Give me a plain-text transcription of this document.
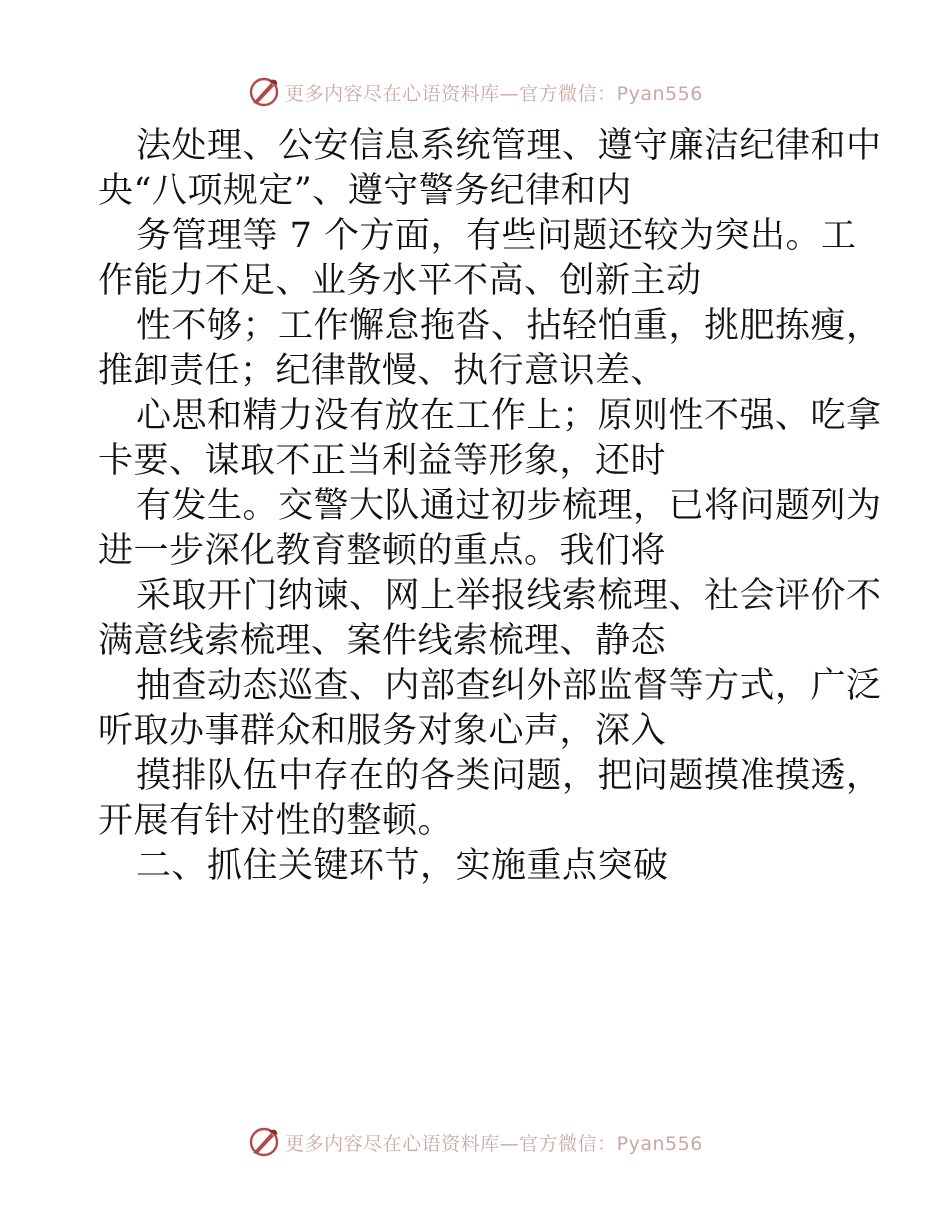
更多内容尽在心语资料库—官方微信：Pyan556
法处理、公安信息系统管理、遵守廉洁纪律和中
央“八项规定”、遵守警务纪律和内
务管理等 7 个方面，有些问题还较为突出。工
作能力不足、业务水平不高、创新主动
性不够；工作懈怠拖沓、拈轻怕重，挑肥拣瘦，
推卸责任；纪律散慢、执行意识差、
心思和精力没有放在工作上；原则性不强、吃拿
卡要、谋取不正当利益等形象，还时
有发生。交警大队通过初步梳理，已将问题列为
进一步深化教育整顿的重点。我们将
采取开门纳谏、网上举报线索梳理、社会评价不
满意线索梳理、案件线索梳理、静态
抽查动态巡查、内部查纠外部监督等方式，广泛
听取办事群众和服务对象心声，深入
摸排队伍中存在的各类问题，把问题摸准摸透，
开展有针对性的整顿。
二、抓住关键环节，实施重点突破
更多内容尽在心语资料库—官方微信：Pyan556
